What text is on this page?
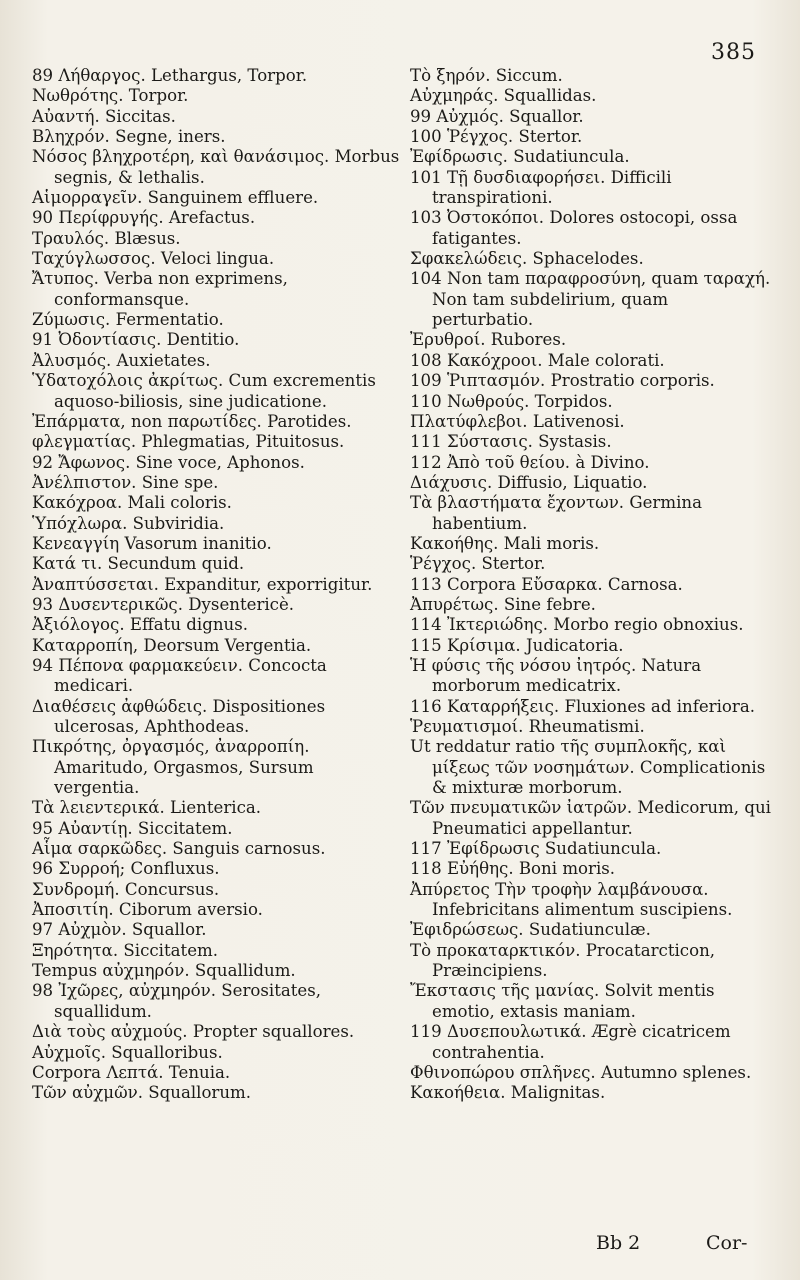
385

89 Λήθαργος. Lethargus, Torpor.

Νωθρότης. Torpor.

Αὐαντή. Siccitas.

Βληχρόν. Segne, iners.

Νόσος βληχροτέρη, καὶ θανάσιμος. Morbus segnis, & lethalis.

Αἱμορραγεῖν. Sanguinem effluere.

90 Περίφρυγής. Arefactus.

Τραυλός. Blæsus.

Ταχύγλωσσος. Veloci lingua.

Ἄτυπος. Verba non exprimens, conformansque.

Ζύμωσις. Fermentatio.

91 Ὀδοντίασις. Dentitio.

Ἀλυσμός. Auxietates.

Ὑδατοχόλοις ἀκρίτως. Cum excrementis aquoso-biliosis, sine judicatione.

Ἐπάρματα, non παρωτίδες. Parotides.

φλεγματίας. Phlegmatias, Pituitosus.

92 Ἄφωνος. Sine voce, Aphonos.

Ἀνέλπιστον. Sine spe.

Κακόχροα. Mali coloris.

Ὑπόχλωρα. Subviridia.

Κενεαγγίη Vasorum inanitio.

Κατά τι. Secundum quid.

Ἀναπτύσσεται. Expanditur, exporrigitur.

93 Δυσεντερικῶς. Dysentericè.

Ἀξιόλογος. Effatu dignus.

Καταρροπίη, Deorsum Vergentia.

94 Πέπονα φαρμακεύειν. Concocta medicari.

Διαθέσεις ἀφθώδεις. Dispositiones ulcerosas, Aphthodeas.

Πικρότης, ὀργασμός, ἀναρροπίη. Amaritudo, Orgasmos, Sursum vergentia.

Τὰ λειεντερικά. Lienterica.

95 Αὐαντίῃ. Siccitatem.

Αἷμα σαρκῶδες. Sanguis carnosus.

96 Συρροή; Confluxus.

Συνδρομή. Concursus.

Ἀποσιτίη. Ciborum aversio.

97 Αὐχμὸν. Squallor.

Ξηρότητα. Siccitatem.

Tempus αὐχμηρόν. Squallidum.

98 Ἰχῶρες, αὐχμηρόν. Serositates, squallidum.

Διὰ τοὺς αὐχμούς. Propter squallores.

Αὐχμοῖς. Squalloribus.

Corpora Λεπτά. Tenuia.

Τῶν αὐχμῶν. Squallorum.

Τὸ ξηρόν. Siccum.

Αὐχμηράς. Squallidas.

99 Αὐχμός. Squallor.

100 Ῥέγχος. Stertor.

Ἐφίδρωσις. Sudatiuncula.

101 Τῇ δυσδιαφορήσει. Difficili transpirationi.

103 Ὀστοκόποι. Dolores ostocopi, ossa fatigantes.

Σφακελώδεις. Sphacelodes.

104 Non tam παραφροσύνη, quam ταραχή. Non tam subdelirium, quam perturbatio.

Ἐρυθροί. Rubores.

108 Κακόχροοι. Male colorati.

109 Ῥιπτασμόν. Prostratio corporis.

110 Νωθρούς. Torpidos.

Πλατύφλεβοι. Lativenosi.

111 Σύστασις. Systasis.

112 Ἀπὸ τοῦ θείου. à Divino.

Διάχυσις. Diffusio, Liquatio.

Τὰ βλαστήματα ἔχοντων. Germina habentium.

Κακοήθης. Mali moris.

Ῥέγχος. Stertor.

113 Corpora Εὔσαρκα. Carnosa.

Ἀπυρέτως. Sine febre.

114 Ἰκτεριώδης. Morbo regio obnoxius.

115 Κρίσιμα. Judicatoria.

Ἡ φύσις τῆς νόσου ἰητρός. Natura morborum medicatrix.

116 Καταρρήξεις. Fluxiones ad inferiora.

Ῥευματισμοί. Rheumatismi.

Ut reddatur ratio τῆς συμπλοκῆς, καὶ μίξεως τῶν νοσημάτων. Complicationis & mixturæ morborum.

Τῶν πνευματικῶν ἰατρῶν. Medicorum, qui Pneumatici appellantur.

117 Ἐφίδρωσις Sudatiuncula.

118 Εὐήθης. Boni moris.

Ἀπύρετος Τὴν τροφὴν λαμβάνουσα. Infebricitans alimentum suscipiens.

Ἐφιδρώσεως. Sudatiunculæ.

Τὸ προκαταρκτικόν. Procatarcticon, Præincipiens.

Ἔκστασις τῆς μανίας. Solvit mentis emotio, extasis maniam.

119 Δυσεπουλωτικά. Ægrè cicatricem contrahentia.

Φθινοπώρου σπλῆνες. Autumno splenes.

Κακοήθεια. Malignitas.

Bb 2	Cor-
